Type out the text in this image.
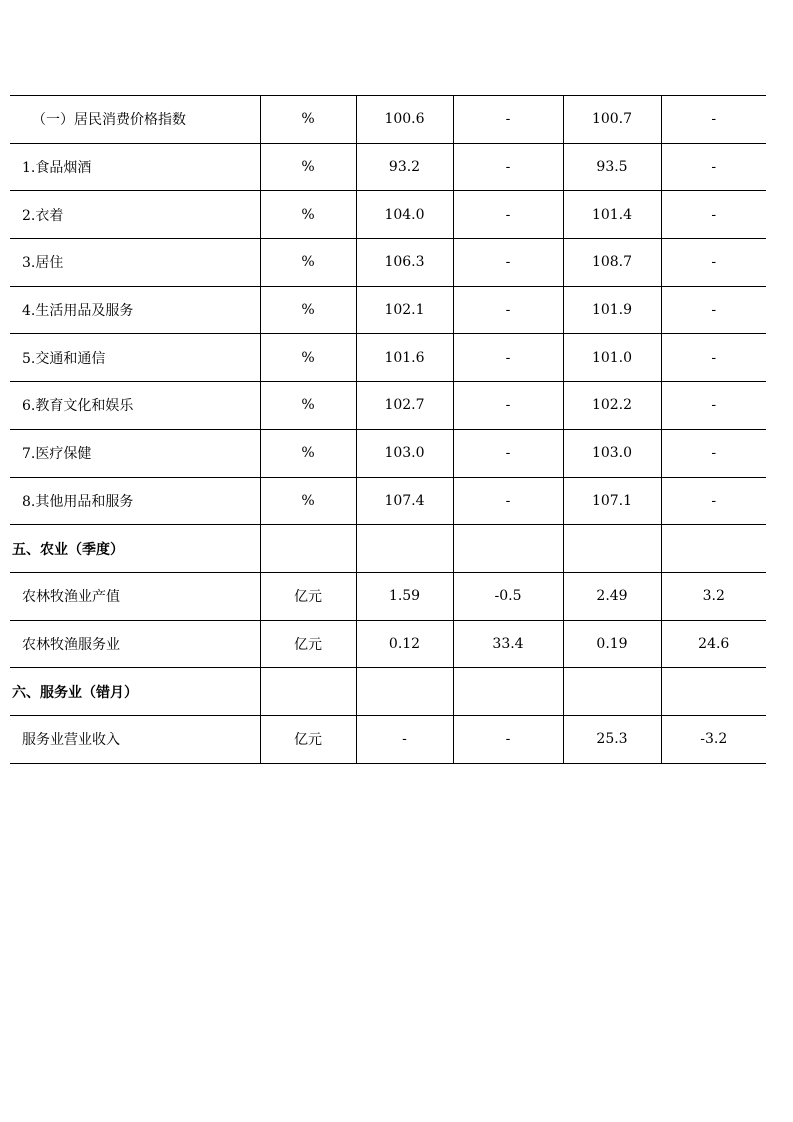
（一）居民消费价格指数	%	100.6	-	100.7	-
1.食品烟酒	%	93.2	-	93.5	-
2.衣着	%	104.0	-	101.4	-
3.居住	%	106.3	-	108.7	-
4.生活用品及服务	%	102.1	-	101.9	-
5.交通和通信	%	101.6	-	101.0	-
6.教育文化和娱乐	%	102.7	-	102.2	-
7.医疗保健	%	103.0	-	103.0	-
8.其他用品和服务	%	107.4	-	107.1	-
五、农业（季度）					
农林牧渔业产值	亿元	1.59	-0.5	2.49	3.2
农林牧渔服务业	亿元	0.12	33.4	0.19	24.6
六、服务业（错月）					
服务业营业收入	亿元	-	-	25.3	-3.2
